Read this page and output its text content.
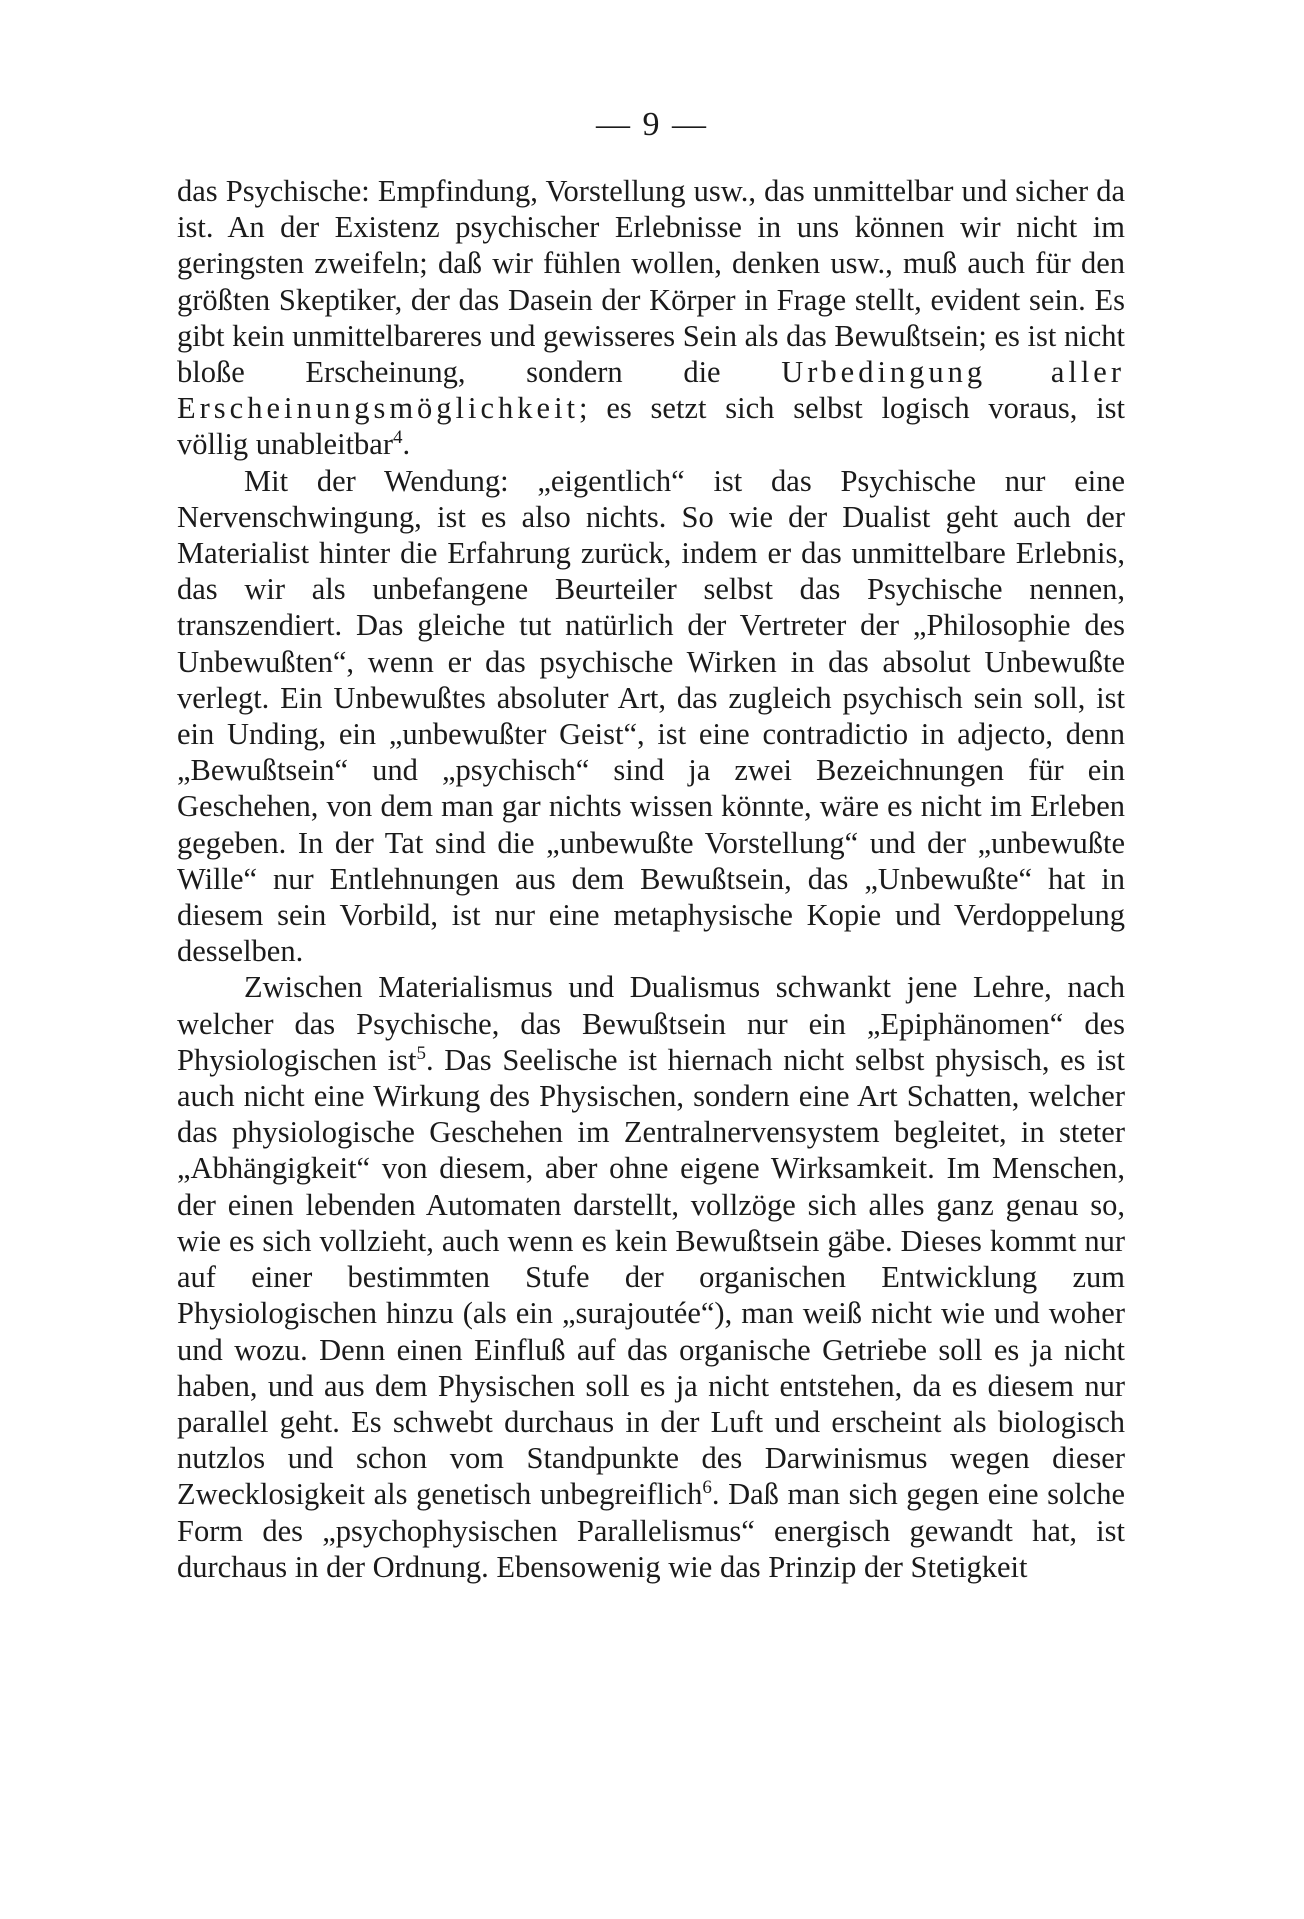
— 9 —

das Psychische: Empfindung, Vorstellung usw., das unmittelbar und sicher da ist. An der Existenz psychischer Erlebnisse in uns können wir nicht im geringsten zweifeln; daß wir fühlen wollen, denken usw., muß auch für den größten Skeptiker, der das Dasein der Körper in Frage stellt, evident sein. Es gibt kein unmittelbareres und gewisseres Sein als das Bewußtsein; es ist nicht bloße Erscheinung, sondern die Urbedingung aller Erscheinungsmöglichkeit; es setzt sich selbst logisch voraus, ist völlig unableitbar$^4$.

Mit der Wendung: „eigentlich“ ist das Psychische nur eine Nervenschwingung, ist es also nichts. So wie der Dualist geht auch der Materialist hinter die Erfahrung zurück, indem er das unmittelbare Erlebnis, das wir als unbefangene Beurteiler selbst das Psychische nennen, transzendiert. Das gleiche tut natürlich der Vertreter der „Philosophie des Unbewußten“, wenn er das psychische Wirken in das absolut Unbewußte verlegt. Ein Unbewußtes absoluter Art, das zugleich psychisch sein soll, ist ein Unding, ein „unbewußter Geist“, ist eine contradictio in adjecto, denn „Bewußtsein“ und „psychisch“ sind ja zwei Bezeichnungen für ein Geschehen, von dem man gar nichts wissen könnte, wäre es nicht im Erleben gegeben. In der Tat sind die „unbewußte Vorstellung“ und der „unbewußte Wille“ nur Entlehnungen aus dem Bewußtsein, das „Unbewußte“ hat in diesem sein Vorbild, ist nur eine metaphysische Kopie und Verdoppelung desselben.

Zwischen Materialismus und Dualismus schwankt jene Lehre, nach welcher das Psychische, das Bewußtsein nur ein „Epiphänomen“ des Physiologischen ist$^5$. Das Seelische ist hiernach nicht selbst physisch, es ist auch nicht eine Wirkung des Physischen, sondern eine Art Schatten, welcher das physiologische Geschehen im Zentralnervensystem begleitet, in steter „Abhängigkeit“ von diesem, aber ohne eigene Wirksamkeit. Im Menschen, der einen lebenden Automaten darstellt, vollzöge sich alles ganz genau so, wie es sich vollzieht, auch wenn es kein Bewußtsein gäbe. Dieses kommt nur auf einer bestimmten Stufe der organischen Entwicklung zum Physiologischen hinzu (als ein „surajoutée“), man weiß nicht wie und woher und wozu. Denn einen Einfluß auf das organische Getriebe soll es ja nicht haben, und aus dem Physischen soll es ja nicht entstehen, da es diesem nur parallel geht. Es schwebt durchaus in der Luft und erscheint als biologisch nutzlos und schon vom Standpunkte des Darwinismus wegen dieser Zwecklosigkeit als genetisch unbegreiflich$^6$. Daß man sich gegen eine solche Form des „psychophysischen Parallelismus“ energisch gewandt hat, ist durchaus in der Ordnung. Ebensowenig wie das Prinzip der Stetigkeit
